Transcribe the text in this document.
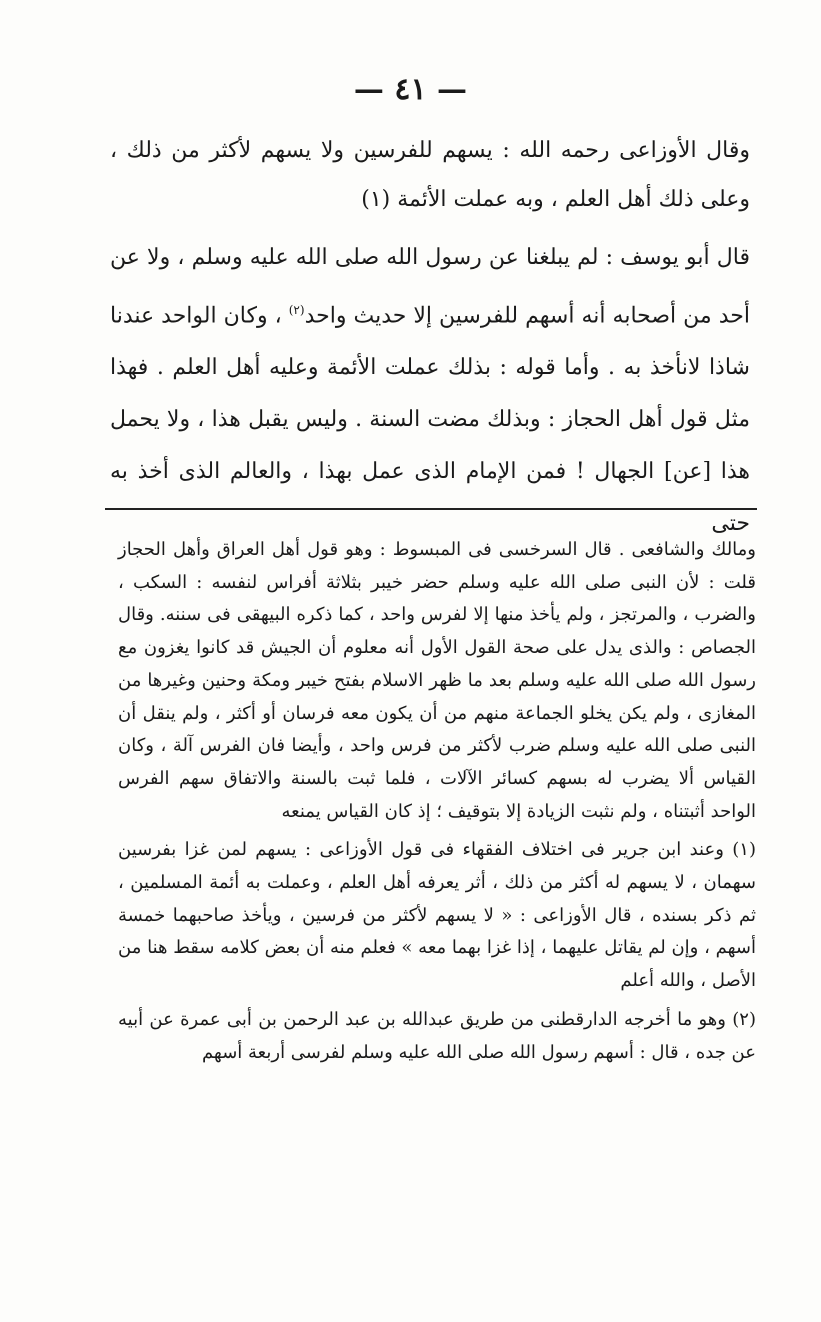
— ٤١ —

وقال الأوزاعى رحمه الله : يسهم للفرسين ولا يسهم لأكثر من ذلك ، وعلى ذلك أهل العلم ، وبه عملت الأئمة (١)

قال أبو يوسف : لم يبلغنا عن رسول الله صلى الله عليه وسلم ، ولا عن أحد من أصحابه أنه أسهم للفرسين إلا حديث واحد$^{(٢)}$ ، وكان الواحد عندنا شاذا لانأخذ به . وأما قوله : بذلك عملت الأئمة وعليه أهل العلم . فهذا مثل قول أهل الحجاز : وبذلك مضت السنة . وليس يقبل هذا ، ولا يحمل هذا [عن] الجهال ! فمن الإمام الذى عمل بهذا ، والعالم الذى أخذ به حتى

ومالك والشافعى . قال السرخسى فى المبسوط : وهو قول أهل العراق وأهل الحجاز قلت : لأن النبى صلى الله عليه وسلم حضر خيبر بثلاثة أفراس لنفسه : السكب ، والضرب ، والمرتجز ، ولم يأخذ منها إلا لفرس واحد ، كما ذكره البيهقى فى سننه. وقال الجصاص : والذى يدل على صحة القول الأول أنه معلوم أن الجيش قد كانوا يغزون مع رسول الله صلى الله عليه وسلم بعد ما ظهر الاسلام بفتح خيبر ومكة وحنين وغيرها من المغازى ، ولم يكن يخلو الجماعة منهم من أن يكون معه فرسان أو أكثر ، ولم ينقل أن النبى صلى الله عليه وسلم ضرب لأكثر من فرس واحد ، وأيضا فان الفرس آلة ، وكان القياس ألا يضرب له بسهم كسائر الآلات ، فلما ثبت بالسنة والاتفاق سهم الفرس الواحد أثبتناه ، ولم نثبت الزيادة إلا بتوقيف ؛ إذ كان القياس يمنعه

(١) وعند ابن جرير فى اختلاف الفقهاء فى قول الأوزاعى : يسهم لمن غزا بفرسين سهمان ، لا يسهم له أكثر من ذلك ، أثر يعرفه أهل العلم ، وعملت به أئمة المسلمين ، ثم ذكر بسنده ، قال الأوزاعى : « لا يسهم لأكثر من فرسين ، ويأخذ صاحبهما خمسة أسهم ، وإن لم يقاتل عليهما ، إذا غزا بهما معه » فعلم منه أن بعض كلامه سقط هنا من الأصل ، والله أعلم

(٢) وهو ما أخرجه الدارقطنى من طريق عبدالله بن عبد الرحمن بن أبى عمرة عن أبيه عن جده ، قال : أسهم رسول الله صلى الله عليه وسلم لفرسى أربعة أسهم
